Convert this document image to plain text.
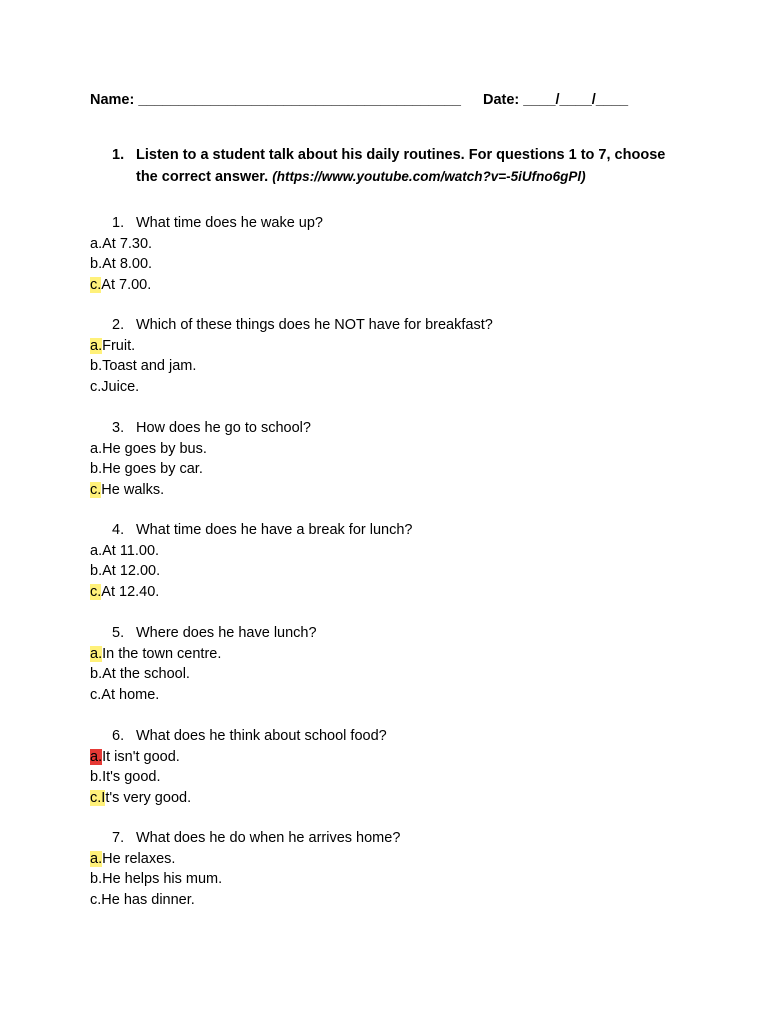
Name: ________________________________________ Date: ____/____/____
1. Listen to a student talk about his daily routines. For questions 1 to 7, choose the correct answer. (https://www.youtube.com/watch?v=-5iUfno6gPl)
1. What time does he wake up?
a.At 7.30.
b.At 8.00.
c.At 7.00.
2. Which of these things does he NOT have for breakfast?
a.Fruit.
b.Toast and jam.
c.Juice.
3. How does he go to school?
a.He goes by bus.
b.He goes by car.
c.He walks.
4. What time does he have a break for lunch?
a.At 11.00.
b.At 12.00.
c.At 12.40.
5. Where does he have lunch?
a.In the town centre.
b.At the school.
c.At home.
6. What does he think about school food?
a.It isn't good.
b.It's good.
c.It's very good.
7. What does he do when he arrives home?
a.He relaxes.
b.He helps his mum.
c.He has dinner.
